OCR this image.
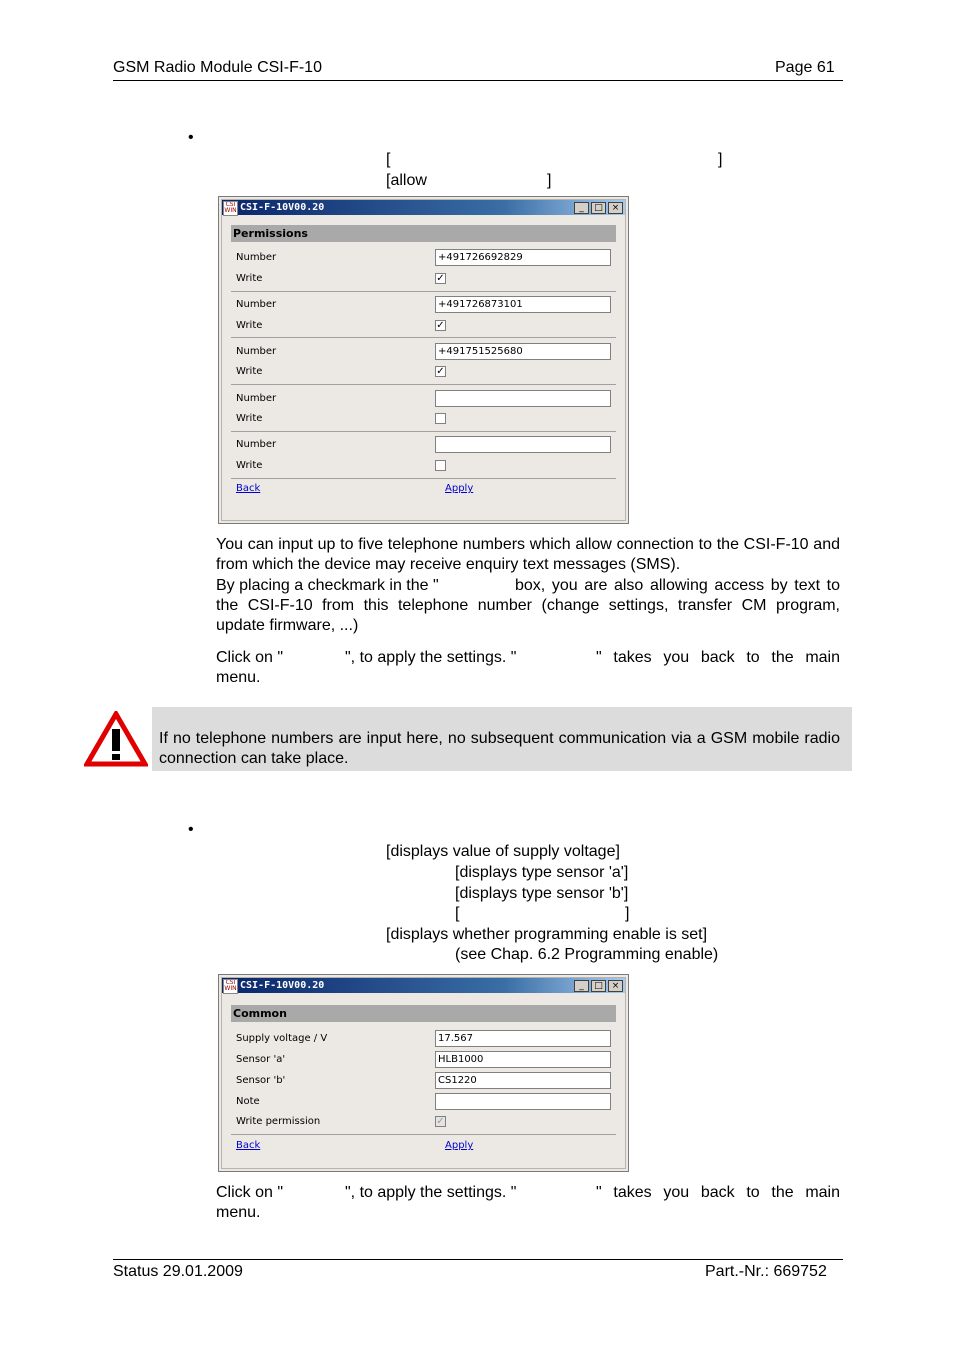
GSM Radio Module CSI-F-10	Page 61
•
[	]
[allow	]
CSI WIN CSI-F-10V00.20	_	□ ×
Permissions
Number	+491726692829
Write	✓
Number	+491726873101
Write	✓
Number	+491751525680
Write	✓
Number
Write
Number
Write
Back	Apply
You can input up to five telephone numbers which allow connection to the CSI-F-10 and from which the device may receive enquiry text messages (SMS).
By placing a checkmark in the "	box, you are also allowing access by text to the CSI-F-10 from this telephone number (change settings, transfer CM program, update firmware, ...)
Click on "	", to apply the settings. "	" takes you back to the main menu.
If no telephone numbers are input here, no subsequent communication via a GSM mobile radio connection can take place.
•
[displays value of supply voltage]
[displays type sensor 'a']
[displays type sensor 'b']
[	]
[displays whether programming enable is set]
(see Chap. 6.2 Programming enable)
CSI WIN CSI-F-10V00.20	_	□ ×
Common
Supply voltage / V	17.567
Sensor 'a'	HLB1000
Sensor 'b'	CS1220
Note
Write permission	✓
Back	Apply
Click on "	", to apply the settings. "	" takes you back to the main menu.
Status 29.01.2009	Part.-Nr.: 669752
